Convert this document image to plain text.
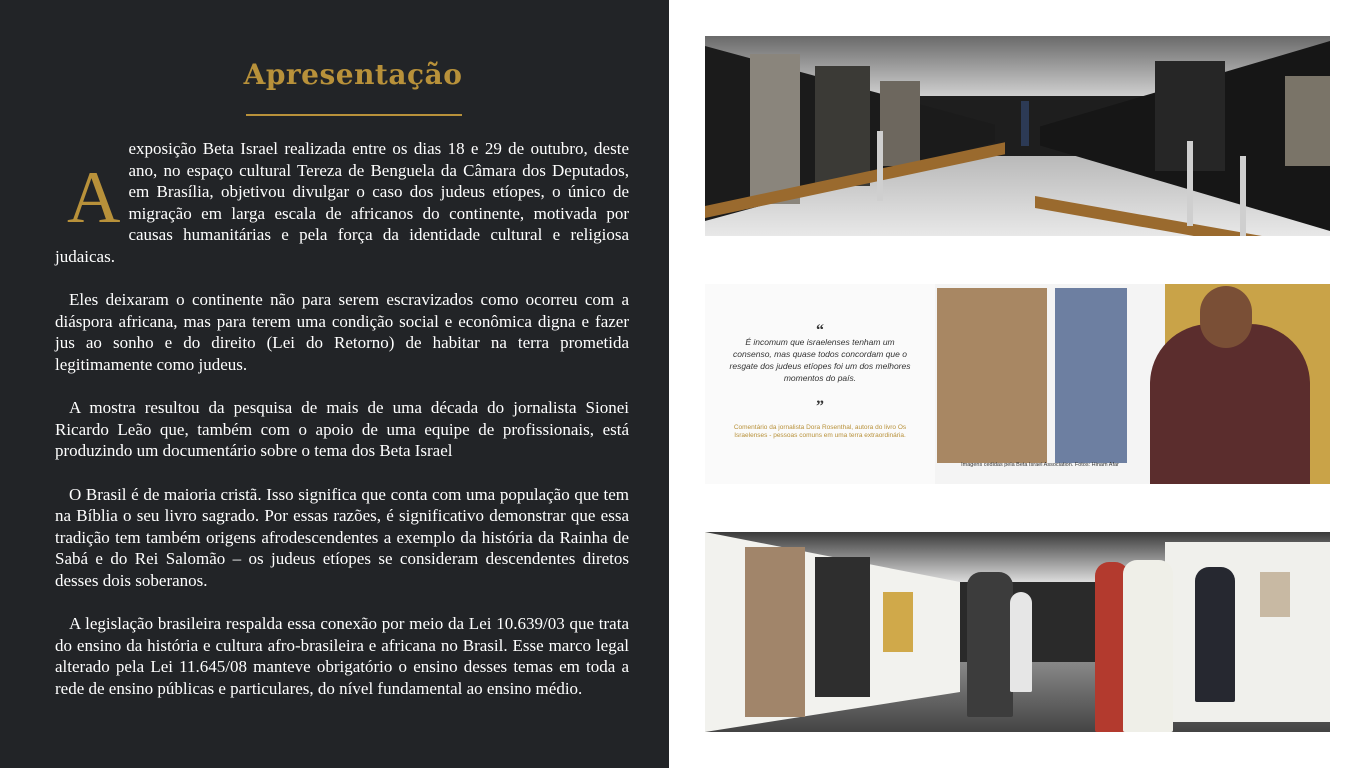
Apresentação

A
exposição Beta Israel realizada entre os dias 18 e 29 de outubro, deste ano, no espaço cultural Tereza de Benguela da Câmara dos Deputados, em Brasília, objetivou divulgar o caso dos judeus etíopes, o único de migração em larga escala de africanos do continente, motivada por causas humanitárias e pela força da identidade cultural e religiosa judaicas.

Eles deixaram o continente não para serem escravizados como ocorreu com a diáspora africana, mas para terem uma condição social e econômica digna e fazer jus ao sonho e do direito (Lei do Retorno) de habitar na terra prometida legitimamente como judeus.

A mostra resultou da pesquisa de mais de uma década do jornalista Sionei Ricardo Leão que, também com o apoio de uma equipe de profissionais, está produzindo um documentário sobre o tema dos Beta Israel

O Brasil é de maioria cristã. Isso significa que conta com uma população que tem na Bíblia o seu livro sagrado. Por essas razões, é significativo demonstrar que essa tradição tem também origens afrodescendentes a exemplo da história da Rainha de Sabá e do Rei Salomão – os judeus etíopes se consideram descendentes diretos desses dois soberanos.

A legislação brasileira respalda essa conexão por meio da Lei 10.639/03 que trata do ensino da história e cultura afro-brasileira e africana no Brasil. Esse marco legal alterado pela Lei 11.645/08 manteve obrigatório o ensino desses temas em toda a rede de ensino públicas e particulares, do nível fundamental ao ensino médio.

“
É incomum que israelenses tenham um consenso, mas quase todos concordam que o resgate dos judeus etíopes foi um dos melhores momentos do país.
”
Comentário da jornalista Dora Rosenthal, autora do livro Os Israelenses - pessoas comuns em uma terra extraordinária.
Imagens cedidas pela Beta Israel Association. Fotos: Hinam Afar
